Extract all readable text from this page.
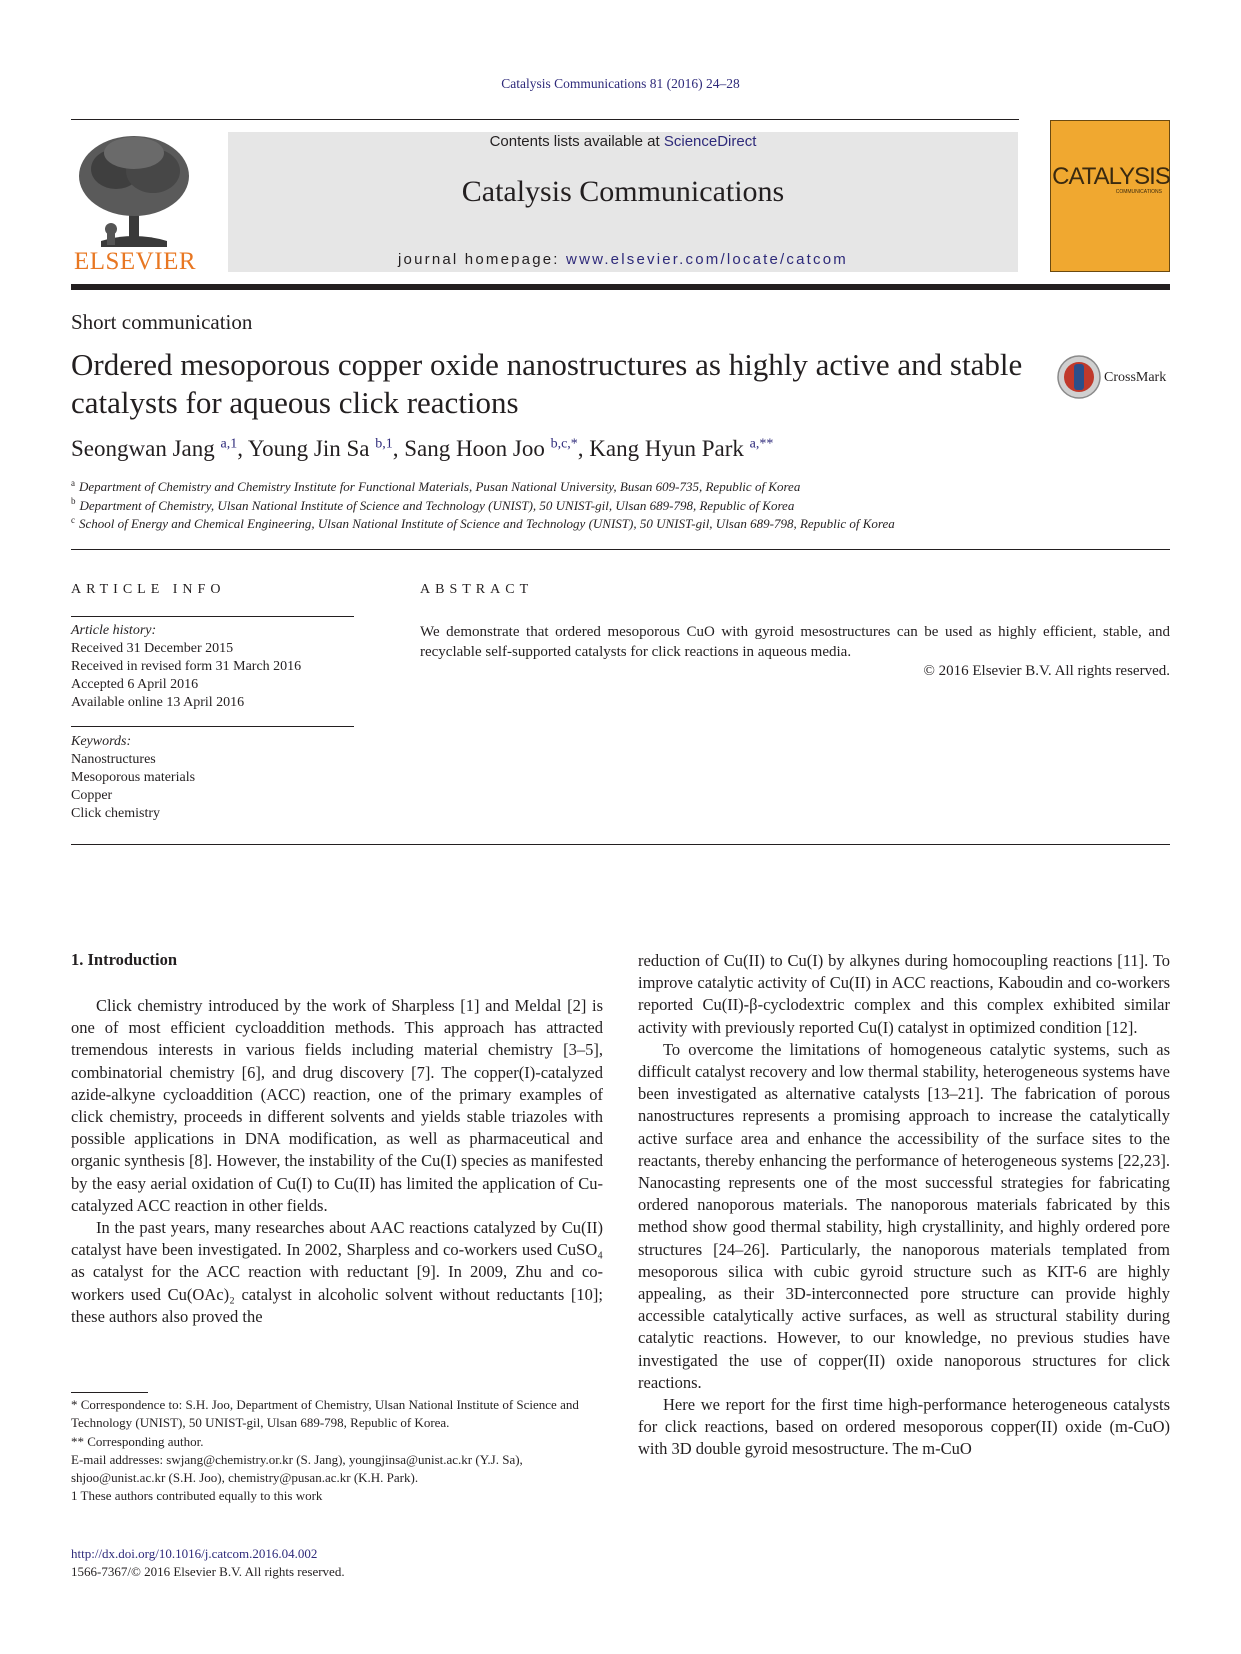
Catalysis Communications 81 (2016) 24–28
ELSEVIER
Contents lists available at ScienceDirect
Catalysis Communications
journal homepage: www.elsevier.com/locate/catcom
CATALYSIS
COMMUNICATIONS
Short communication
Ordered mesoporous copper oxide nanostructures as highly active and stable catalysts for aqueous click reactions
CrossMark
Seongwan Jang $^{a,1}$, Young Jin Sa $^{b,1}$, Sang Hoon Joo $^{b,c,*}$, Kang Hyun Park $^{a,**}$
$^a$ Department of Chemistry and Chemistry Institute for Functional Materials, Pusan National University, Busan 609-735, Republic of Korea
$^b$ Department of Chemistry, Ulsan National Institute of Science and Technology (UNIST), 50 UNIST-gil, Ulsan 689-798, Republic of Korea
$^c$ School of Energy and Chemical Engineering, Ulsan National Institute of Science and Technology (UNIST), 50 UNIST-gil, Ulsan 689-798, Republic of Korea
ARTICLE INFO	ABSTRACT
Article history:
Received 31 December 2015
Received in revised form 31 March 2016
Accepted 6 April 2016
Available online 13 April 2016
Keywords:
Nanostructures
Mesoporous materials
Copper
Click chemistry
We demonstrate that ordered mesoporous CuO with gyroid mesostructures can be used as highly efficient, stable, and recyclable self-supported catalysts for click reactions in aqueous media.
© 2016 Elsevier B.V. All rights reserved.
1. Introduction

Click chemistry introduced by the work of Sharpless [1] and Meldal [2] is one of most efficient cycloaddition methods. This approach has attracted tremendous interests in various fields including material chemistry [3–5], combinatorial chemistry [6], and drug discovery [7]. The copper(I)-catalyzed azide-alkyne cycloaddition (ACC) reaction, one of the primary examples of click chemistry, proceeds in different solvents and yields stable triazoles with possible applications in DNA modification, as well as pharmaceutical and organic synthesis [8]. However, the instability of the Cu(I) species as manifested by the easy aerial oxidation of Cu(I) to Cu(II) has limited the application of Cu-catalyzed ACC reaction in other fields.

In the past years, many researches about AAC reactions catalyzed by Cu(II) catalyst have been investigated. In 2002, Sharpless and co-workers used CuSO₄ as catalyst for the ACC reaction with reductant [9]. In 2009, Zhu and co-workers used Cu(OAc)₂ catalyst in alcoholic solvent without reductants [10]; these authors also proved the

reduction of Cu(II) to Cu(I) by alkynes during homocoupling reactions [11]. To improve catalytic activity of Cu(II) in ACC reactions, Kaboudin and co-workers reported Cu(II)-β-cyclodextric complex and this complex exhibited similar activity with previously reported Cu(I) catalyst in optimized condition [12].

To overcome the limitations of homogeneous catalytic systems, such as difficult catalyst recovery and low thermal stability, heterogeneous systems have been investigated as alternative catalysts [13–21]. The fabrication of porous nanostructures represents a promising approach to increase the catalytically active surface area and enhance the accessibility of the surface sites to the reactants, thereby enhancing the performance of heterogeneous systems [22,23]. Nanocasting represents one of the most successful strategies for fabricating ordered nanoporous materials. The nanoporous materials fabricated by this method show good thermal stability, high crystallinity, and highly ordered pore structures [24–26]. Particularly, the nanoporous materials templated from mesoporous silica with cubic gyroid structure such as KIT-6 are highly appealing, as their 3D-interconnected pore structure can provide highly accessible catalytically active surfaces, as well as structural stability during catalytic reactions. However, to our knowledge, no previous studies have investigated the use of copper(II) oxide nanoporous structures for click reactions.

Here we report for the first time high-performance heterogeneous catalysts for click reactions, based on ordered mesoporous copper(II) oxide (m-CuO) with 3D double gyroid mesostructure. The m-CuO

* Correspondence to: S.H. Joo, Department of Chemistry, Ulsan National Institute of Science and Technology (UNIST), 50 UNIST-gil, Ulsan 689-798, Republic of Korea.

** Corresponding author.

E-mail addresses: swjang@chemistry.or.kr (S. Jang), youngjinsa@unist.ac.kr (Y.J. Sa), shjoo@unist.ac.kr (S.H. Joo), chemistry@pusan.ac.kr (K.H. Park).

1 These authors contributed equally to this work

http://dx.doi.org/10.1016/j.catcom.2016.04.002
1566-7367/© 2016 Elsevier B.V. All rights reserved.
